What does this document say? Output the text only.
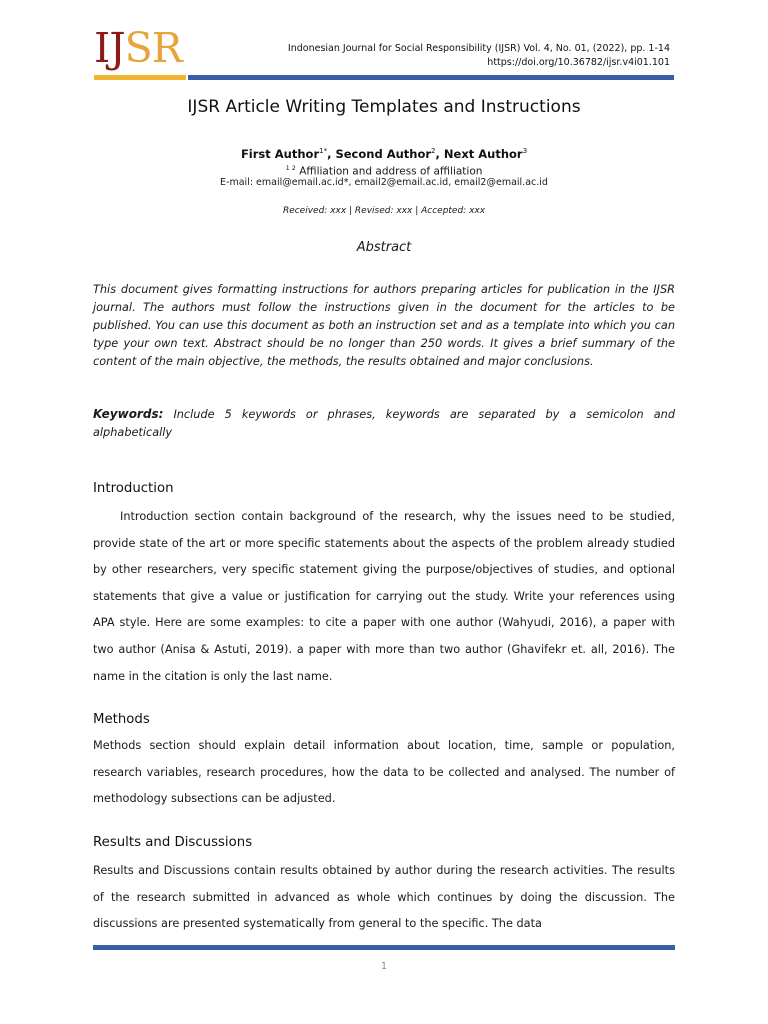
IJSR	Indonesian Journal for Social Responsibility (IJSR) Vol. 4, No. 01, (2022), pp. 1-14
https://doi.org/10.36782/ijsr.v4i01.101
IJSR Article Writing Templates and Instructions
First Author$^{1*}$, Second Author$^2$, Next Author$^3$
$^{1 2}$ Affiliation and address of affiliation
E-mail: email@email.ac.id*, email2@email.ac.id, email2@email.ac.id
Received: xxx | Revised: xxx | Accepted: xxx
Abstract
This document gives formatting instructions for authors preparing articles for publication in the IJSR journal. The authors must follow the instructions given in the document for the articles to be published. You can use this document as both an instruction set and as a template into which you can type your own text. Abstract should be no longer than 250 words. It gives a brief summary of the content of the main objective, the methods, the results obtained and major conclusions.
Keywords: Include 5 keywords or phrases, keywords are separated by a semicolon and alphabetically
Introduction
Introduction section contain background of the research, why the issues need to be studied, provide state of the art or more specific statements about the aspects of the problem already studied by other researchers, very specific statement giving the purpose/objectives of studies, and optional statements that give a value or justification for carrying out the study. Write your references using APA style. Here are some examples: to cite a paper with one author (Wahyudi, 2016), a paper with two author (Anisa & Astuti, 2019). a paper with more than two author (Ghavifekr et. all, 2016). The name in the citation is only the last name.
Methods
Methods section should explain detail information about location, time, sample or population, research variables, research procedures, how the data to be collected and analysed. The number of methodology subsections can be adjusted.
Results and Discussions
Results and Discussions contain results obtained by author during the research activities. The results of the research submitted in advanced as whole which continues by doing the discussion. The discussions are presented systematically from general to the specific. The data
1
